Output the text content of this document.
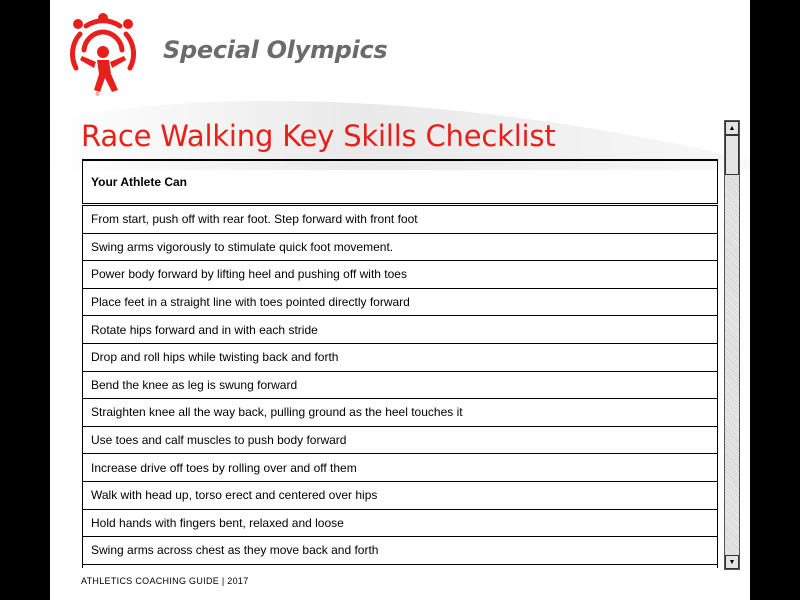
®
Special Olympics
Race Walking Key Skills Checklist
Your Athlete Can
From start, push off with rear foot. Step forward with front foot
Swing arms vigorously to stimulate quick foot movement.
Power body forward by lifting heel and pushing off with toes
Place feet in a straight line with toes pointed directly forward
Rotate hips forward and in with each stride
Drop and roll hips while twisting back and forth
Bend the knee as leg is swung forward
Straighten knee all the way back, pulling ground as the heel touches it
Use toes and calf muscles to push body forward
Increase drive off toes by rolling over and off them
Walk with head up, torso erect and centered over hips
Hold hands with fingers bent, relaxed and loose
Swing arms across chest as they move back and forth

ATHLETICS COACHING GUIDE | 2017
▲
▼
